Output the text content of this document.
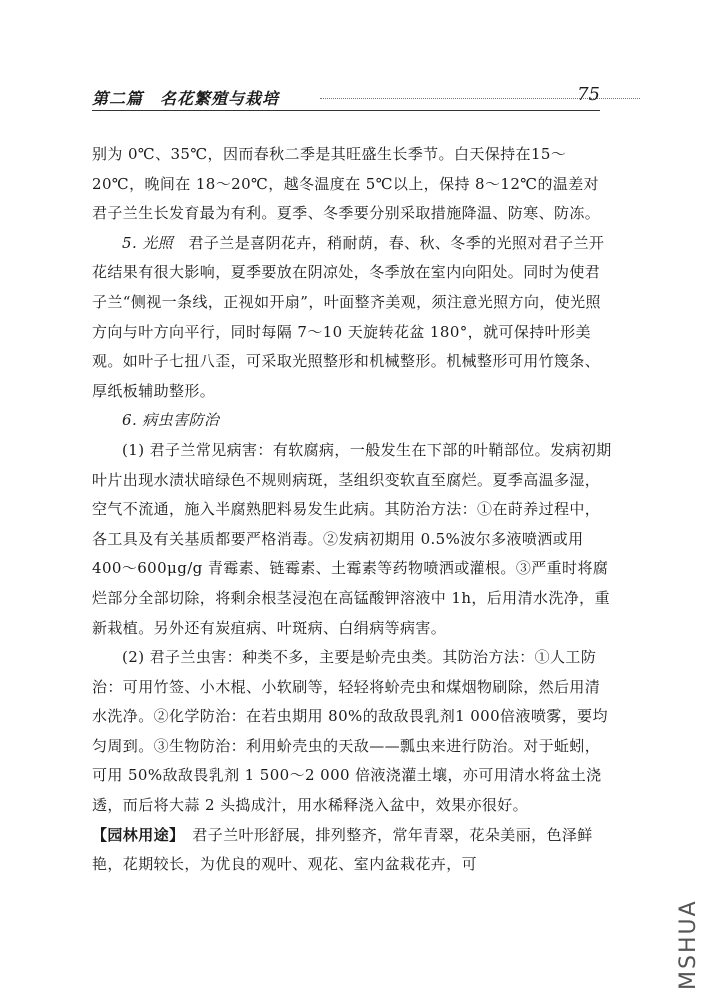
第二篇　名花繁殖与栽培	75

别为 0℃、35℃，因而春秋二季是其旺盛生长季节。白天保持在15～20℃，晚间在 18～20℃，越冬温度在 5℃以上，保持 8～12℃的温差对君子兰生长发育最为有利。夏季、冬季要分别采取措施降温、防寒、防冻。

5. 光照　君子兰是喜阴花卉，稍耐荫，春、秋、冬季的光照对君子兰开花结果有很大影响，夏季要放在阴凉处，冬季放在室内向阳处。同时为使君子兰“侧视一条线，正视如开扇”，叶面整齐美观，须注意光照方向，使光照方向与叶方向平行，同时每隔 7～10 天旋转花盆 180°，就可保持叶形美观。如叶子七扭八歪，可采取光照整形和机械整形。机械整形可用竹篾条、厚纸板辅助整形。

6. 病虫害防治

(1) 君子兰常见病害：有软腐病，一般发生在下部的叶鞘部位。发病初期叶片出现水渍状暗绿色不规则病斑，茎组织变软直至腐烂。夏季高温多湿，空气不流通，施入半腐熟肥料易发生此病。其防治方法：①在莳养过程中，各工具及有关基质都要严格消毒。②发病初期用 0.5%波尔多液喷洒或用 400～600μg/g 青霉素、链霉素、土霉素等药物喷洒或灌根。③严重时将腐烂部分全部切除，将剩余根茎浸泡在高锰酸钾溶液中 1h，后用清水洗净，重新栽植。另外还有炭疽病、叶斑病、白绢病等病害。

(2) 君子兰虫害：种类不多，主要是蚧壳虫类。其防治方法：①人工防治：可用竹签、小木棍、小软刷等，轻轻将蚧壳虫和煤烟物刷除，然后用清水洗净。②化学防治：在若虫期用 80%的敌敌畏乳剂1 000倍液喷雾，要均匀周到。③生物防治：利用蚧壳虫的天敌——瓢虫来进行防治。对于蚯蚓，可用 50%敌敌畏乳剂 1 500～2 000 倍液浇灌土壤，亦可用清水将盆土浇透，而后将大蒜 2 头捣成汁，用水稀释浇入盆中，效果亦很好。

【园林用途】　君子兰叶形舒展，排列整齐，常年青翠，花朵美丽，色泽鲜艳，花期较长，为优良的观叶、观花、室内盆栽花卉，可

MSHUA
